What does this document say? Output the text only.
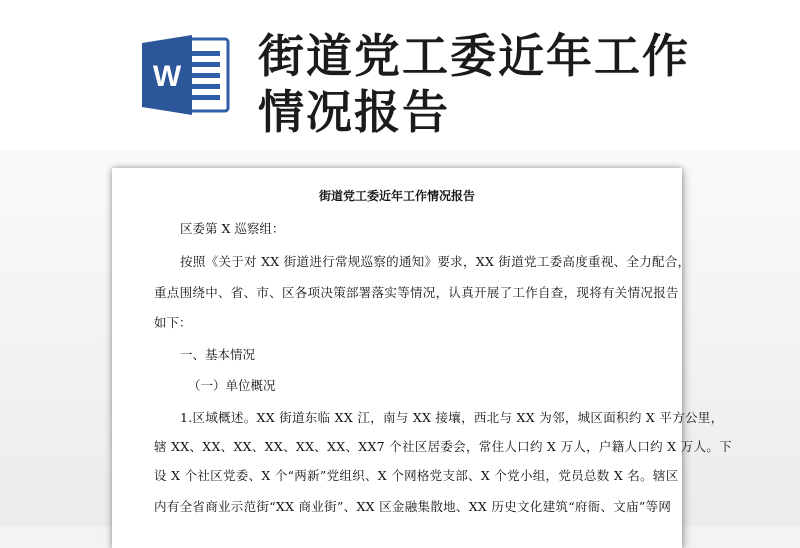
W 街道党工委近年工作情况报告
街道党工委近年工作情况报告
区委第 X 巡察组：
按照《关于对 XX 街道进行常规巡察的通知》要求，XX 街道党工委高度重视、全力配合，
重点围绕中、省、市、区各项决策部署落实等情况，认真开展了工作自查，现将有关情况报告
如下：
一、基本情况
（一）单位概况
1.区域概述。XX 街道东临 XX 江，南与 XX 接壤，西北与 XX 为邻，城区面积约 X 平方公里，
辖 XX、XX、XX、XX、XX、XX、XX7 个社区居委会，常住人口约 X 万人，户籍人口约 X 万人。下
设 X 个社区党委、X 个“两新”党组织、X 个网格党支部、X 个党小组，党员总数 X 名。辖区
内有全省商业示范街“XX 商业街”、XX 区金融集散地、XX 历史文化建筑“府衙、文庙”等网
